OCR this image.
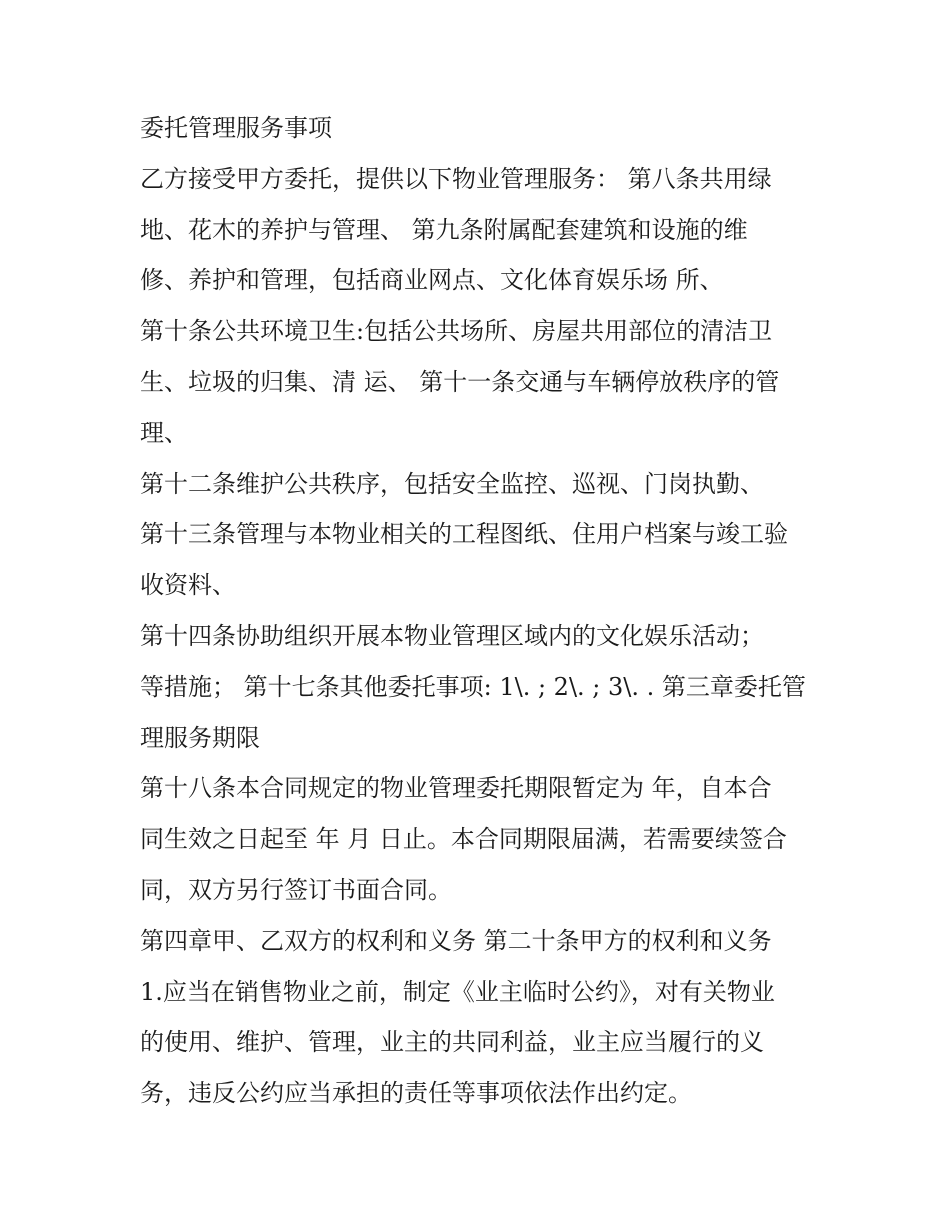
委托管理服务事项
乙方接受甲方委托，提供以下物业管理服务： 第八条共用绿
地、花木的养护与管理、 第九条附属配套建筑和设施的维
修、养护和管理，包括商业网点、文化体育娱乐场 所、
第十条公共环境卫生:包括公共场所、房屋共用部位的清洁卫
生、垃圾的归集、清 运、 第十一条交通与车辆停放秩序的管
理、
第十二条维护公共秩序，包括安全监控、巡视、门岗执勤、
第十三条管理与本物业相关的工程图纸、住用户档案与竣工验
收资料、
第十四条协助组织开展本物业管理区域内的文化娱乐活动；
等措施； 第十七条其他委托事项: 1\. ; 2\. ; 3\. . 第三章委托管
理服务期限
第十八条本合同规定的物业管理委托期限暂定为 年，自本合
同生效之日起至 年 月 日止。本合同期限届满，若需要续签合
同，双方另行签订书面合同。
第四章甲、乙双方的权利和义务 第二十条甲方的权利和义务
1.应当在销售物业之前，制定《业主临时公约》，对有关物业
的使用、维护、管理，业主的共同利益，业主应当履行的义
务，违反公约应当承担的责任等事项依法作出约定。
